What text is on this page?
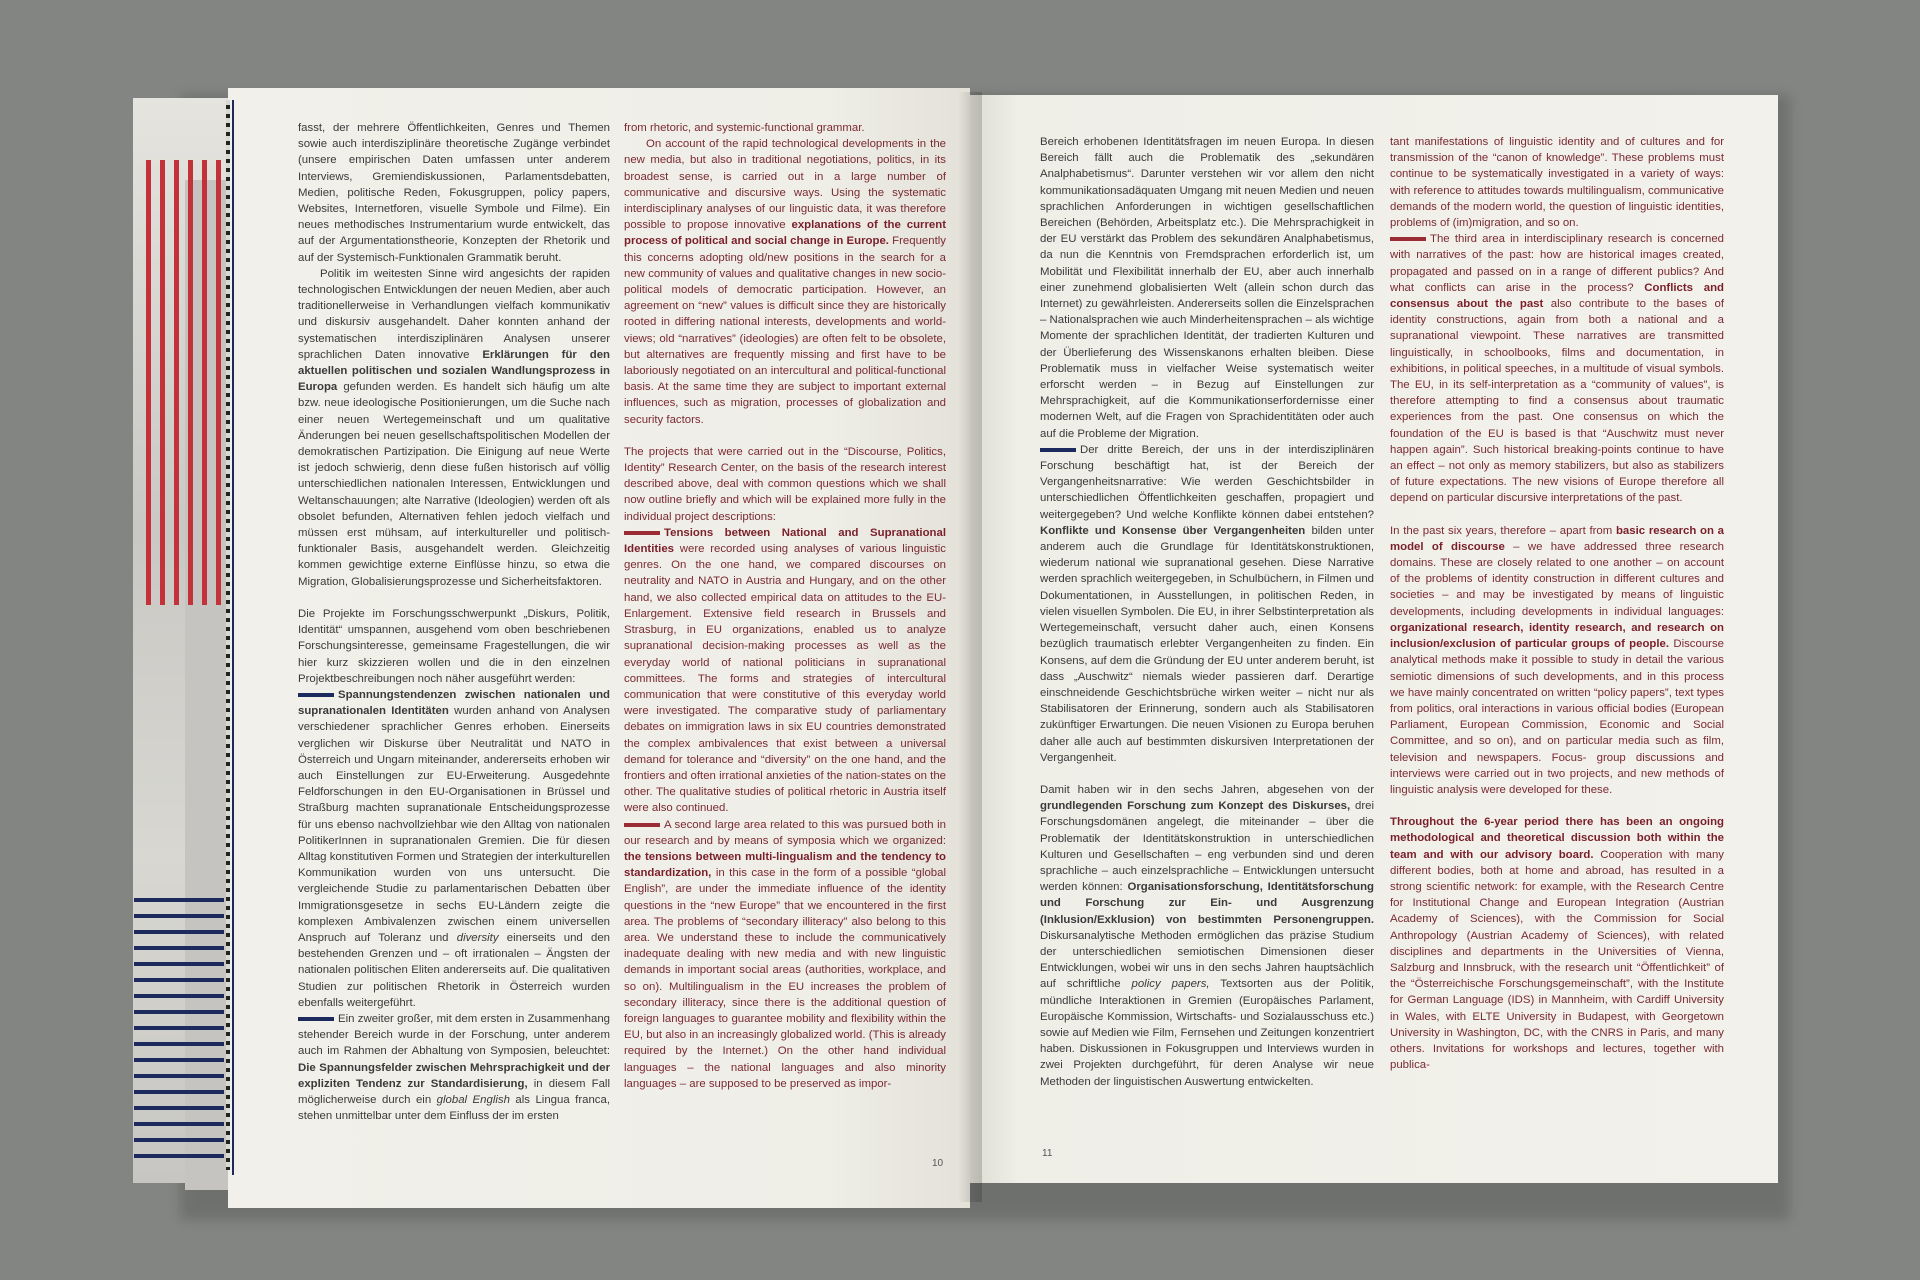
fasst, der mehrere Öffentlichkeiten, Genres und Themen sowie auch interdisziplinäre theoretische Zugänge verbindet (unsere empirischen Daten umfassen unter anderem Interviews, Gremiendiskussionen, Parlamentsdebatten, Medien, politische Reden, Fokusgruppen, policy papers, Websites, Internetforen, visuelle Symbole und Filme). Ein neues methodisches Instrumentarium wurde entwickelt, das auf der Argumentationstheorie, Konzepten der Rhetorik und auf der Systemisch-Funktionalen Grammatik beruht.

Politik im weitesten Sinne wird angesichts der rapiden technologischen Entwicklungen der neuen Medien, aber auch traditionellerweise in Verhandlungen vielfach kommunikativ und diskursiv ausgehandelt. Daher konnten anhand der systematischen interdisziplinären Analysen unserer sprachlichen Daten innovative Erklärungen für den aktuellen politischen und sozialen Wandlungsprozess in Europa gefunden werden. Es handelt sich häufig um alte bzw. neue ideologische Positionierungen, um die Suche nach einer neuen Wertegemeinschaft und um qualitative Änderungen bei neuen gesellschaftspolitischen Modellen der demokratischen Partizipation. Die Einigung auf neue Werte ist jedoch schwierig, denn diese fußen historisch auf völlig unterschiedlichen nationalen Interessen, Entwicklungen und Weltanschauungen; alte Narrative (Ideologien) werden oft als obsolet befunden, Alternativen fehlen jedoch vielfach und müssen erst mühsam, auf interkultureller und politisch-funktionaler Basis, ausgehandelt werden. Gleichzeitig kommen gewichtige externe Einflüsse hinzu, so etwa die Migration, Globalisierungsprozesse und Sicherheitsfaktoren.

Die Projekte im Forschungsschwerpunkt „Diskurs, Politik, Identität“ umspannen, ausgehend vom oben beschriebenen Forschungsinteresse, gemeinsame Fragestellungen, die wir hier kurz skizzieren wollen und die in den einzelnen Projektbeschreibungen noch näher ausgeführt werden:

Spannungstendenzen zwischen nationalen und supranationalen Identitäten wurden anhand von Analysen verschiedener sprachlicher Genres erhoben. Einerseits verglichen wir Diskurse über Neutralität und NATO in Österreich und Ungarn miteinander, andererseits erhoben wir auch Einstellungen zur EU-Erweiterung. Ausgedehnte Feldforschungen in den EU-Organisationen in Brüssel und Straßburg machten supranationale Entscheidungsprozesse für uns ebenso nachvollziehbar wie den Alltag von nationalen PolitikerInnen in supranationalen Gremien. Die für diesen Alltag konstitutiven Formen und Strategien der interkulturellen Kommunikation wurden von uns untersucht. Die vergleichende Studie zu parlamentarischen Debatten über Immigrationsgesetze in sechs EU-Ländern zeigte die komplexen Ambivalenzen zwischen einem universellen Anspruch auf Toleranz und diversity einerseits und den bestehenden Grenzen und – oft irrationalen – Ängsten der nationalen politischen Eliten andererseits auf. Die qualitativen Studien zur politischen Rhetorik in Österreich wurden ebenfalls weitergeführt.

Ein zweiter großer, mit dem ersten in Zusammenhang stehender Bereich wurde in der Forschung, unter anderem auch im Rahmen der Abhaltung von Symposien, beleuchtet: Die Spannungsfelder zwischen Mehrsprachigkeit und der expliziten Tendenz zur Standardisierung, in diesem Fall möglicherweise durch ein global English als Lingua franca, stehen unmittelbar unter dem Einfluss der im ersten

from rhetoric, and systemic-functional grammar.

On account of the rapid technological developments in the new media, but also in traditional negotiations, politics, in its broadest sense, is carried out in a large number of communicative and discursive ways. Using the systematic interdisciplinary analyses of our linguistic data, it was therefore possible to propose innovative explanations of the current process of political and social change in Europe. Frequently this concerns adopting old/new positions in the search for a new community of values and qualitative changes in new socio-political models of democratic participation. However, an agreement on “new” values is difficult since they are historically rooted in differing national interests, developments and world-views; old “narratives” (ideologies) are often felt to be obsolete, but alternatives are frequently missing and first have to be laboriously negotiated on an intercultural and political-functional basis. At the same time they are subject to important external influences, such as migration, processes of globalization and security factors.

The projects that were carried out in the “Discourse, Politics, Identity” Research Center, on the basis of the research interest described above, deal with common questions which we shall now outline briefly and which will be explained more fully in the individual project descriptions:

Tensions between National and Supranational Identities were recorded using analyses of various linguistic genres. On the one hand, we compared discourses on neutrality and NATO in Austria and Hungary, and on the other hand, we also collected empirical data on attitudes to the EU-Enlargement. Extensive field research in Brussels and Strasburg, in EU organizations, enabled us to analyze supranational decision-making processes as well as the everyday world of national politicians in supranational committees. The forms and strategies of intercultural communication that were constitutive of this everyday world were investigated. The comparative study of parliamentary debates on immigration laws in six EU countries demonstrated the complex ambivalences that exist between a universal demand for tolerance and “diversity” on the one hand, and the frontiers and often irrational anxieties of the nation-states on the other. The qualitative studies of political rhetoric in Austria itself were also continued.

A second large area related to this was pursued both in our research and by means of symposia which we organized: the tensions between multi-lingualism and the tendency to standardization, in this case in the form of a possible “global English”, are under the immediate influence of the identity questions in the “new Europe” that we encountered in the first area. The problems of “secondary illiteracy” also belong to this area. We understand these to include the communicatively inadequate dealing with new media and with new linguistic demands in important social areas (authorities, workplace, and so on). Multilingualism in the EU increases the problem of secondary illiteracy, since there is the additional question of foreign languages to guarantee mobility and flexibility within the EU, but also in an increasingly globalized world. (This is already required by the Internet.) On the other hand individual languages – the national languages and also minority languages – are supposed to be preserved as impor-

10

Bereich erhobenen Identitätsfragen im neuen Europa. In diesen Bereich fällt auch die Problematik des „sekundären Analphabetismus“. Darunter verstehen wir vor allem den nicht kommunikationsadäquaten Umgang mit neuen Medien und neuen sprachlichen Anforderungen in wichtigen gesellschaftlichen Bereichen (Behörden, Arbeitsplatz etc.). Die Mehrsprachigkeit in der EU verstärkt das Problem des sekundären Analphabetismus, da nun die Kenntnis von Fremdsprachen erforderlich ist, um Mobilität und Flexibilität innerhalb der EU, aber auch innerhalb einer zunehmend globalisierten Welt (allein schon durch das Internet) zu gewährleisten. Andererseits sollen die Einzelsprachen – Nationalsprachen wie auch Minderheitensprachen – als wichtige Momente der sprachlichen Identität, der tradierten Kulturen und der Überlieferung des Wissenskanons erhalten bleiben. Diese Problematik muss in vielfacher Weise systematisch weiter erforscht werden – in Bezug auf Einstellungen zur Mehrsprachigkeit, auf die Kommunikationserfordernisse einer modernen Welt, auf die Fragen von Sprachidentitäten oder auch auf die Probleme der Migration.

Der dritte Bereich, der uns in der interdisziplinären Forschung beschäftigt hat, ist der Bereich der Vergangenheitsnarrative: Wie werden Geschichtsbilder in unterschiedlichen Öffentlichkeiten geschaffen, propagiert und weitergegeben? Und welche Konflikte können dabei entstehen? Konflikte und Konsense über Vergangenheiten bilden unter anderem auch die Grundlage für Identitätskonstruktionen, wiederum national wie supranational gesehen. Diese Narrative werden sprachlich weitergegeben, in Schulbüchern, in Filmen und Dokumentationen, in Ausstellungen, in politischen Reden, in vielen visuellen Symbolen. Die EU, in ihrer Selbstinterpretation als Wertegemeinschaft, versucht daher auch, einen Konsens bezüglich traumatisch erlebter Vergangenheiten zu finden. Ein Konsens, auf dem die Gründung der EU unter anderem beruht, ist dass „Auschwitz“ niemals wieder passieren darf. Derartige einschneidende Geschichtsbrüche wirken weiter – nicht nur als Stabilisatoren der Erinnerung, sondern auch als Stabilisatoren zukünftiger Erwartungen. Die neuen Visionen zu Europa beruhen daher alle auch auf bestimmten diskursiven Interpretationen der Vergangenheit.

Damit haben wir in den sechs Jahren, abgesehen von der grundlegenden Forschung zum Konzept des Diskurses, drei Forschungsdomänen angelegt, die miteinander – über die Problematik der Identitätskonstruktion in unterschiedlichen Kulturen und Gesellschaften – eng verbunden sind und deren sprachliche – auch einzelsprachliche – Entwicklungen untersucht werden können: Organisationsforschung, Identitätsforschung und Forschung zur Ein- und Ausgrenzung (Inklusion/Exklusion) von bestimmten Personengruppen. Diskursanalytische Methoden ermöglichen das präzise Studium der unterschiedlichen semiotischen Dimensionen dieser Entwicklungen, wobei wir uns in den sechs Jahren hauptsächlich auf schriftliche policy papers, Textsorten aus der Politik, mündliche Interaktionen in Gremien (Europäisches Parlament, Europäische Kommission, Wirtschafts- und Sozialausschuss etc.) sowie auf Medien wie Film, Fernsehen und Zeitungen konzentriert haben. Diskussionen in Fokusgruppen und Interviews wurden in zwei Projekten durchgeführt, für deren Analyse wir neue Methoden der linguistischen Auswertung entwickelten.

tant manifestations of linguistic identity and of cultures and for transmission of the “canon of knowledge”. These problems must continue to be systematically investigated in a variety of ways: with reference to attitudes towards multilingualism, communicative demands of the modern world, the question of linguistic identities, problems of (im)migration, and so on.

The third area in interdisciplinary research is concerned with narratives of the past: how are historical images created, propagated and passed on in a range of different publics? And what conflicts can arise in the process? Conflicts and consensus about the past also contribute to the bases of identity constructions, again from both a national and a supranational viewpoint. These narratives are transmitted linguistically, in schoolbooks, films and documentation, in exhibitions, in political speeches, in a multitude of visual symbols. The EU, in its self-interpretation as a “community of values”, is therefore attempting to find a consensus about traumatic experiences from the past. One consensus on which the foundation of the EU is based is that “Auschwitz must never happen again”. Such historical breaking-points continue to have an effect – not only as memory stabilizers, but also as stabilizers of future expectations. The new visions of Europe therefore all depend on particular discursive interpretations of the past.

In the past six years, therefore – apart from basic research on a model of discourse – we have addressed three research domains. These are closely related to one another – on account of the problems of identity construction in different cultures and societies – and may be investigated by means of linguistic developments, including developments in individual languages: organizational research, identity research, and research on inclusion/exclusion of particular groups of people. Discourse analytical methods make it possible to study in detail the various semiotic dimensions of such developments, and in this process we have mainly concentrated on written “policy papers”, text types from politics, oral interactions in various official bodies (European Parliament, European Commission, Economic and Social Committee, and so on), and on particular media such as film, television and newspapers. Focus- group discussions and interviews were carried out in two projects, and new methods of linguistic analysis were developed for these.

Throughout the 6-year period there has been an ongoing methodological and theoretical discussion both within the team and with our advisory board. Cooperation with many different bodies, both at home and abroad, has resulted in a strong scientific network: for example, with the Research Centre for Institutional Change and European Integration (Austrian Academy of Sciences), with the Commission for Social Anthropology (Austrian Academy of Sciences), with related disciplines and departments in the Universities of Vienna, Salzburg and Innsbruck, with the research unit “Öffentlichkeit” of the “Österreichische Forschungsgemeinschaft”, with the Institute for German Language (IDS) in Mannheim, with Cardiff University in Wales, with ELTE University in Budapest, with Georgetown University in Washington, DC, with the CNRS in Paris, and many others. Invitations for workshops and lectures, together with publica-

11
